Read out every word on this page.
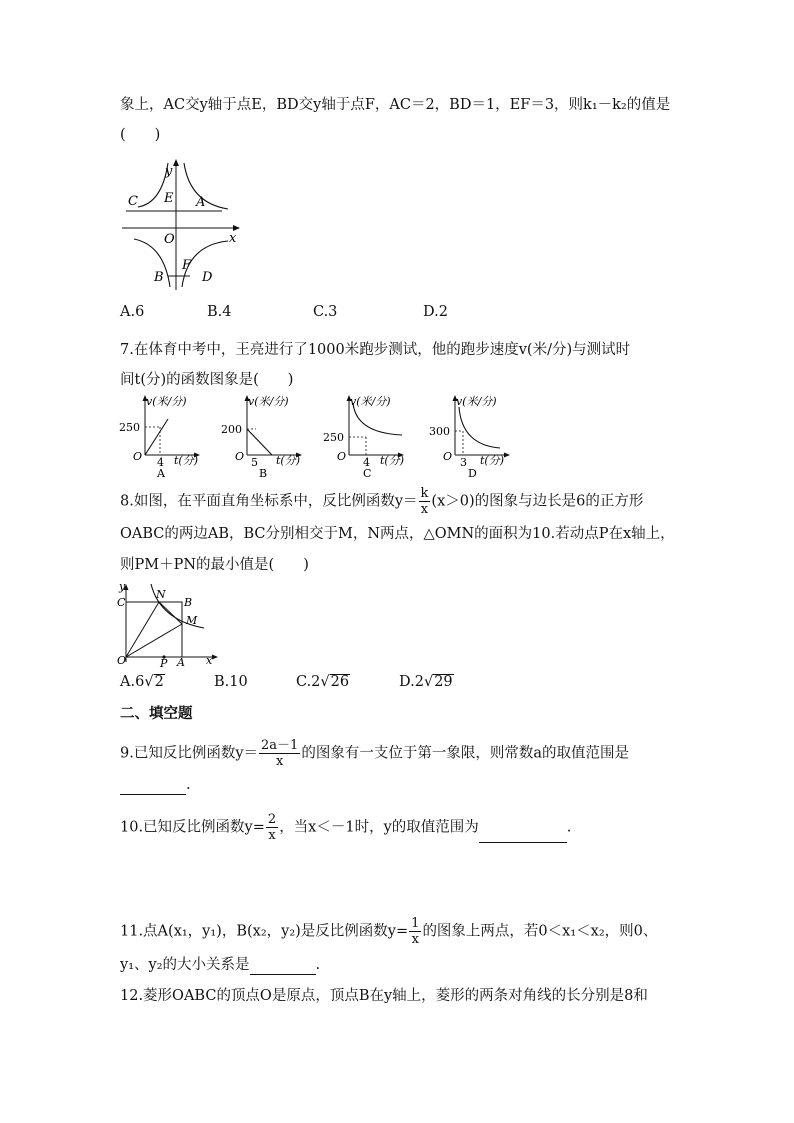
象上，AC交y轴于点E，BD交y轴于点F，AC＝2，BD＝1，EF＝3，则k₁－k₂的值是
(　　)
y
x
C E A
O
F
B	D
A.6	B.4	C.3	D.2
7.在体育中考中，王亮进行了1000米跑步测试，他的跑步速度v(米/分)与测试时
间t(分)的函数图象是(　　)
v(米/分)
250
O 4 t(分)
A
v(米/分)
200
O 5 t(分)
B
v(米/分)
250
O 4 t(分)
C
v(米/分)
300
O 3 t(分)
D
8.如图，在平面直角坐标系中，反比例函数$y= \frac{k}{x} (x>0)$的图象与边长是6的正方形
OABC的两边AB，BC分别相交于M，N两点，△OMN的面积为10.若动点P在x轴上，
则PM＋PN的最小值是(　　)
y
x
C
N
B
M
O	P A
A.6√2	B.10	C.2√26	D.2√29
二、填空题
9.已知反比例函数$y= \frac{2a-1}{x}$ 的图象有一支位于第一象限，则常数a的取值范围是
.
10.已知反比例函数$y= \frac{2}{x}$ ，当x＜－1时，y的取值范围为	.
11.点A(x₁，y₁)，B(x₂，y₂)是反比例函数$y= \frac{1}{x}$ 的图象上两点，若0＜x₁＜x₂，则0、
y₁、y₂的大小关系是	.
12.菱形OABC的顶点O是原点，顶点B在y轴上，菱形的两条对角线的长分别是8和
